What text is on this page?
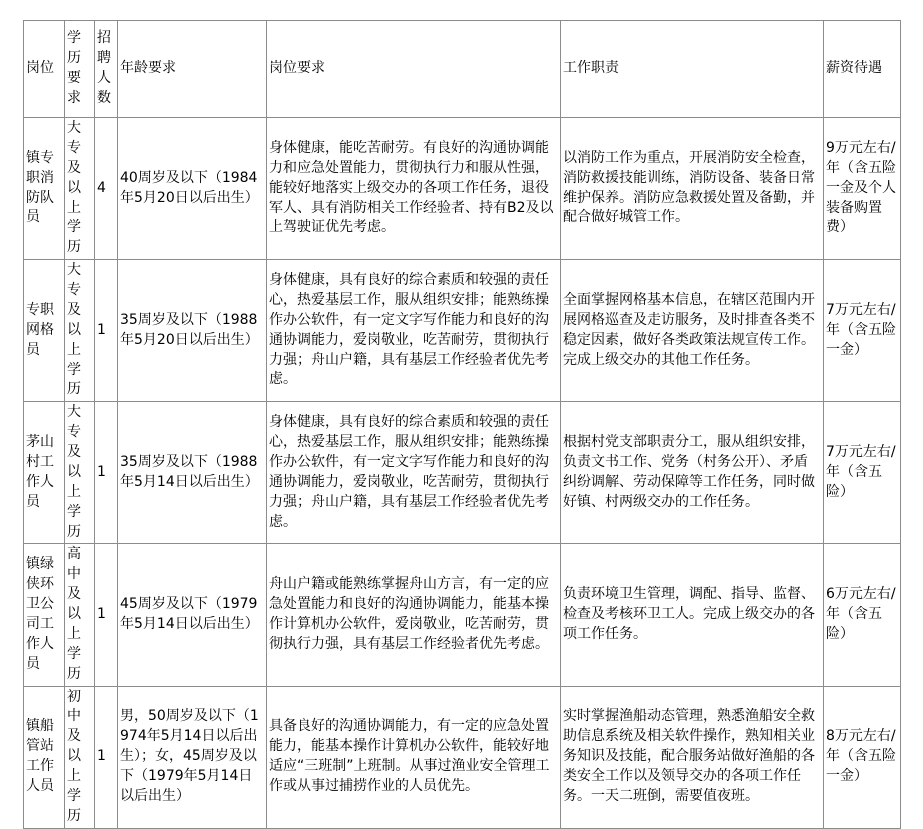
岗位	学历要求	招聘人数	年龄要求	岗位要求	工作职责	薪资待遇
镇专职消防队员	大专及以上学历	4	40周岁及以下（1984年5月20日以后出生）	身体健康，能吃苦耐劳。有良好的沟通协调能力和应急处置能力，贯彻执行力和服从性强，能较好地落实上级交办的各项工作任务，退役军人、具有消防相关工作经验者、持有B2及以上驾驶证优先考虑。	以消防工作为重点，开展消防安全检查，消防救援技能训练，消防设备、装备日常维护保养。消防应急救援处置及备勤，并配合做好城管工作。	9万元左右/年（含五险一金及个人装备购置费）
专职网格员	大专及以上学历	1	35周岁及以下（1988年5月20日以后出生）	身体健康，具有良好的综合素质和较强的责任心，热爱基层工作，服从组织安排；能熟练操作办公软件，有一定文字写作能力和良好的沟通协调能力，爱岗敬业，吃苦耐劳，贯彻执行力强；舟山户籍，具有基层工作经验者优先考虑。	全面掌握网格基本信息，在辖区范围内开展网格巡查及走访服务，及时排查各类不稳定因素，做好各类政策法规宣传工作。完成上级交办的其他工作任务。	7万元左右/年（含五险一金）
茅山村工作人员	大专及以上学历	1	35周岁及以下（1988年5月14日以后出生）	身体健康，具有良好的综合素质和较强的责任心，热爱基层工作，服从组织安排；能熟练操作办公软件，有一定文字写作能力和良好的沟通协调能力，爱岗敬业，吃苦耐劳，贯彻执行力强；舟山户籍，具有基层工作经验者优先考虑。	根据村党支部职责分工，服从组织安排，负责文书工作、党务（村务公开）、矛盾纠纷调解、劳动保障等工作任务，同时做好镇、村两级交办的工作任务。	7万元左右/年（含五险）
镇绿侠环卫公司工作人员	高中及以上学历	1	45周岁及以下（1979年5月14日以后出生）	舟山户籍或能熟练掌握舟山方言，有一定的应急处置能力和良好的沟通协调能力，能基本操作计算机办公软件，爱岗敬业，吃苦耐劳，贯彻执行力强，具有基层工作经验者优先考虑。	负责环境卫生管理，调配、指导、监督、检查及考核环卫工人。完成上级交办的各项工作任务。	6万元左右/年（含五险）
镇船管站工作人员	初中及以上学历	1	男，50周岁及以下（1974年5月14日以后出生）；女，45周岁及以下（1979年5月14日以后出生）	具备良好的沟通协调能力，有一定的应急处置能力，能基本操作计算机办公软件，能较好地适应“三班制”上班制。从事过渔业安全管理工作或从事过捕捞作业的人员优先。	实时掌握渔船动态管理，熟悉渔船安全救助信息系统及相关软件操作，熟知相关业务知识及技能，配合服务站做好渔船的各类安全工作以及领导交办的各项工作任务。一天二班倒，需要值夜班。	8万元左右/年（含五险一金）
